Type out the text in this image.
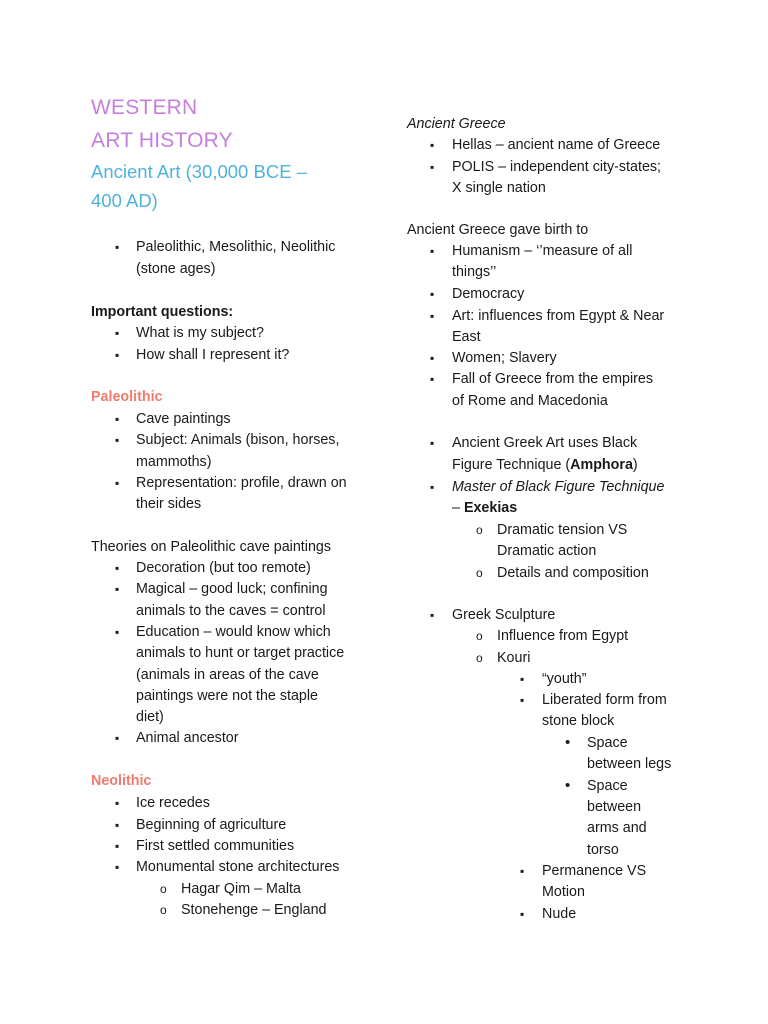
WESTERN
ART HISTORY
Ancient Art (30,000 BCE –
400 AD)
▪
Paleolithic, Mesolithic, Neolithic
(stone ages)
Important questions:
▪
What is my subject?
▪
How shall I represent it?
Paleolithic
▪
Cave paintings
▪
Subject: Animals (bison, horses,
mammoths)
▪
Representation: profile, drawn on
their sides
Theories on Paleolithic cave paintings
▪
Decoration (but too remote)
▪
Magical – good luck; confining
animals to the caves = control
▪
Education – would know which
animals to hunt or target practice
(animals in areas of the cave
paintings were not the staple
diet)
▪
Animal ancestor
Neolithic
▪
Ice recedes
▪
Beginning of agriculture
▪
First settled communities
▪
Monumental stone architectures
o
Hagar Qim – Malta
o
Stonehenge – England
Ancient Greece
▪
Hellas – ancient name of Greece
▪
POLIS – independent city-states;
X single nation
Ancient Greece gave birth to
▪
Humanism – ‘’measure of all
things’’
▪
Democracy
▪
Art: influences from Egypt & Near
East
▪
Women; Slavery
▪
Fall of Greece from the empires
of Rome and Macedonia
▪
Ancient Greek Art uses Black
Figure Technique (Amphora)
▪
Master of Black Figure Technique
– Exekias
o
Dramatic tension VS
Dramatic action
o
Details and composition
▪
Greek Sculpture
o
Influence from Egypt
o
Kouri
▪
“youth”
▪
Liberated form from
stone block
•
Space
between legs
•
Space
between
arms and
torso
▪
Permanence VS
Motion
▪
Nude
